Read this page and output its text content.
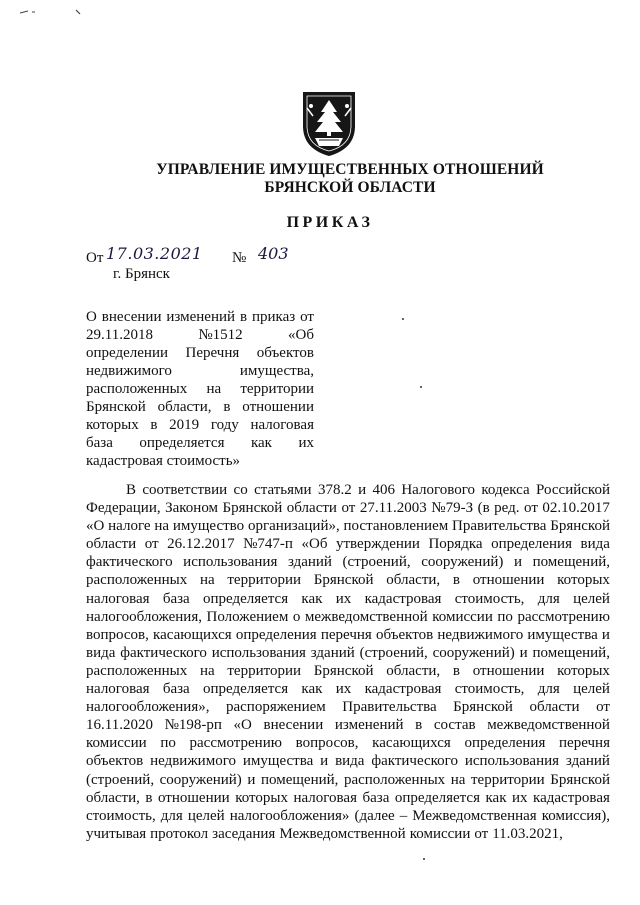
УПРАВЛЕНИЕ ИМУЩЕСТВЕННЫХ ОТНОШЕНИЙ
БРЯНСКОЙ ОБЛАСТИ
ПРИКАЗ
От 17.03.2021 № 403
г. Брянск
О внесении изменений в приказ от
29.11.2018	№1512	«Об
определении Перечня объектов
недвижимого	имущества,
расположенных на территории
Брянской области, в отношении
которых в 2019 году налоговая
база определяется как их
кадастровая стоимость»
В соответствии со статьями 378.2 и 406 Налогового кодекса Российской
Федерации, Законом Брянской области от 27.11.2003 №79-З (в ред. от 02.10.2017
«О налоге на имущество организаций», постановлением Правительства Брянской
области от 26.12.2017 №747-п «Об утверждении Порядка определения вида
фактического использования зданий (строений, сооружений) и помещений,
расположенных на территории Брянской области, в отношении которых
налоговая база определяется как их кадастровая стоимость, для целей
налогообложения, Положением о межведомственной комиссии по рассмотрению
вопросов, касающихся определения перечня объектов недвижимого имущества и
вида фактического использования зданий (строений, сооружений) и помещений,
расположенных на территории Брянской области, в отношении которых
налоговая база определяется как их кадастровая стоимость, для целей
налогообложения», распоряжением Правительства Брянской области от
16.11.2020 №198-рп «О внесении изменений в состав межведомственной
комиссии по рассмотрению вопросов, касающихся определения перечня
объектов недвижимого имущества и вида фактического использования зданий
(строений, сооружений) и помещений, расположенных на территории Брянской
области, в отношении которых налоговая база определяется как их кадастровая
стоимость, для целей налогообложения» (далее – Межведомственная комиссия),
учитывая протокол заседания Межведомственной комиссии от 11.03.2021,
